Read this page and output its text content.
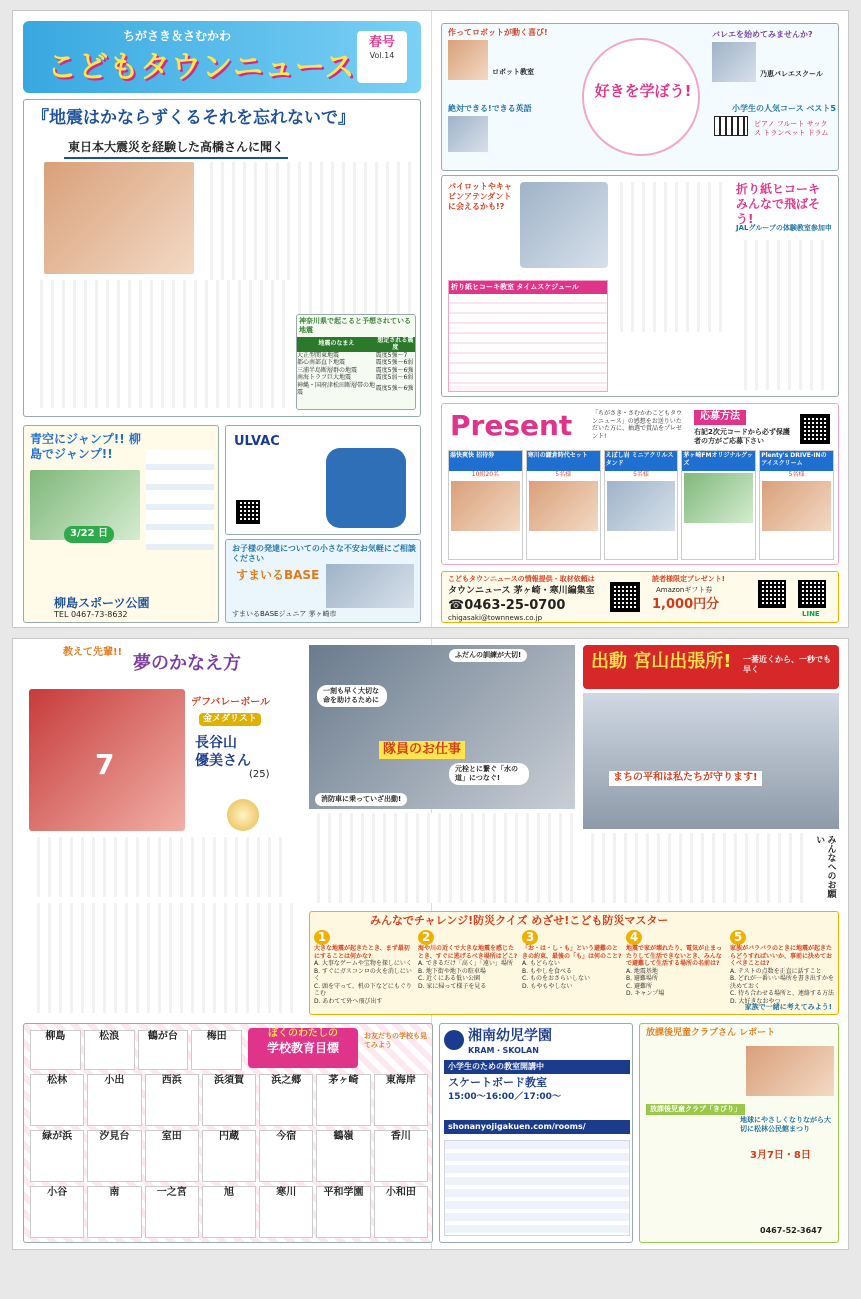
ちがさき＆さむかわ
こどもタウンニュース
春号
Vol.14
『地震はかならずくるそれを忘れないで』
東日本大震災を経験した高橋さんに聞く
神奈川県で起こると予想されている地震
地震のなまえ	想定される震度
大正型関東地震	震度5強～7
都心南部直下地震	震度5強～6弱
三浦半島断層群の地震	震度5強～6強
南海トラフ巨大地震	震度5弱～6弱
神縄・国府津松田断層帯の地震	震度5強～6強
青空にジャンプ!! 柳島でジャンプ!!
3/22 日
柳島スポーツ公園
TEL 0467-73-8632
ULVAC
お子様の発達についての小さな不安お気軽にご相談ください
すまいるBASE
すまいるBASEジュニア 茅ヶ崎市
作ってロボットが動く喜び!
ロボット教室
絶対できる!できる英語
好きを学ぼう!
バレエを始めてみませんか?
乃恵バレエスクール
小学生の人気コース ベスト5
ピアノ フルート サックス トランペット ドラム
折り紙ヒコーキ みんなで飛ばそう!
JALグループの体験教室参加申
パイロットやキャビンアテンダントに会えるかも!?
折り紙ヒコーキ教室 タイムスケジュール
Present	「ちがさき・さむかわこどもタウンニュース」の感想をお送りいただいた方に、抽選で賞品をプレゼント!
応募方法
右記2次元コードから必ず保護者の方がご応募下さい
湯快爽快 招待券
10組20名
寒川の鎌倉時代セット
5名様
えぼし岩 ミニアクリルスタンド
5名様
茅ヶ崎FMオリジナルグッズ
Plenty's DRIVE-INのアイスクリーム
5名様
こどもタウンニュースの情報提供・取材依頼は
タウンニュース 茅ヶ崎・寒川編集室
☎0463-25-0700
chigasaki@townnews.co.jp
読者様限定プレゼント!
Amazonギフト券
1,000円分
LINE
教えて先輩!!
夢のかなえ方
7
デフバレーボール
金メダリスト
長谷山 優美さん
(25)
ふだんの訓練が大切!
一刻も早く大切な命を助けるために
隊員のお仕事
元栓とに繋ぐ「水の道」につなぐ!
消防車に乗っていざ出動!
出動 宮山出張所! 一番近くから、一秒でも早く
まちの平和は私たちが守ります!
みんなへのお願い
みんなでチャレンジ!防災クイズ めざせ!こども防災マスター
1
大きな地震が起きたとき、まず最初にすることは何かな?
A. 大事なゲームや宝物を探しにいく
B. すぐにガスコンロの火を消しにいく
C. 頭を守って、机の下などにもぐりこむ
D. あわてて外へ飛び出す
2
海や川の近くで大きな地震を感じたとき、すぐに逃げるべき場所はどこ?
A. できるだけ「高く」「遠い」場所
B. 地下街や地下の駐車場
C. 近くにある低い公園
D. 家に帰って様子を見る
3
「お・は・し・も」という避難のときの約束、最後の「も」は何のこと?
A. もどらない
B. もやしを食べる
C. ものをおさらいしない
D. もやもやしない
4
地震で家が壊れたり、電気が止まったりして生活できないとき、みんなで避難して生活する場所の名前は?
A. 地震基地
B. 避難場所
C. 避難所
D. キャンプ場
5
家族がバラバラのときに地震が起きたらどうすればいいか、事前に決めておくべきことは?
A. テストの点数を正直に話すこと
B. どれが一番いい場所を書き出すかを決めておく
C. 待ち合わせる場所と、連絡する方法
D. 大好きなおやつ
家族で一緒に考えてみよう!
ぼくのわたしの
学校教育目標
お友だちの学校も見てみよう
柳島	松浪	鶴が台	梅田
松林	小出	西浜	浜須賀	浜之郷	茅ヶ崎	東海岸
緑が浜	汐見台	室田	円蔵	今宿	鶴嶺	香川
小谷	南	一之宮	旭	寒川	平和学園	小和田
湘南幼児学園
KRAM・SKOLAN
小学生のための教室開講中
スケートボード教室
15:00～16:00／17:00～
shonanyojigakuen.com/rooms/
放課後児童クラブさん レポート
放課後児童クラブ「きびり」
地球にやさしくなりながら大切に松林公民館まつり
3月7日・8日
0467-52-3647
